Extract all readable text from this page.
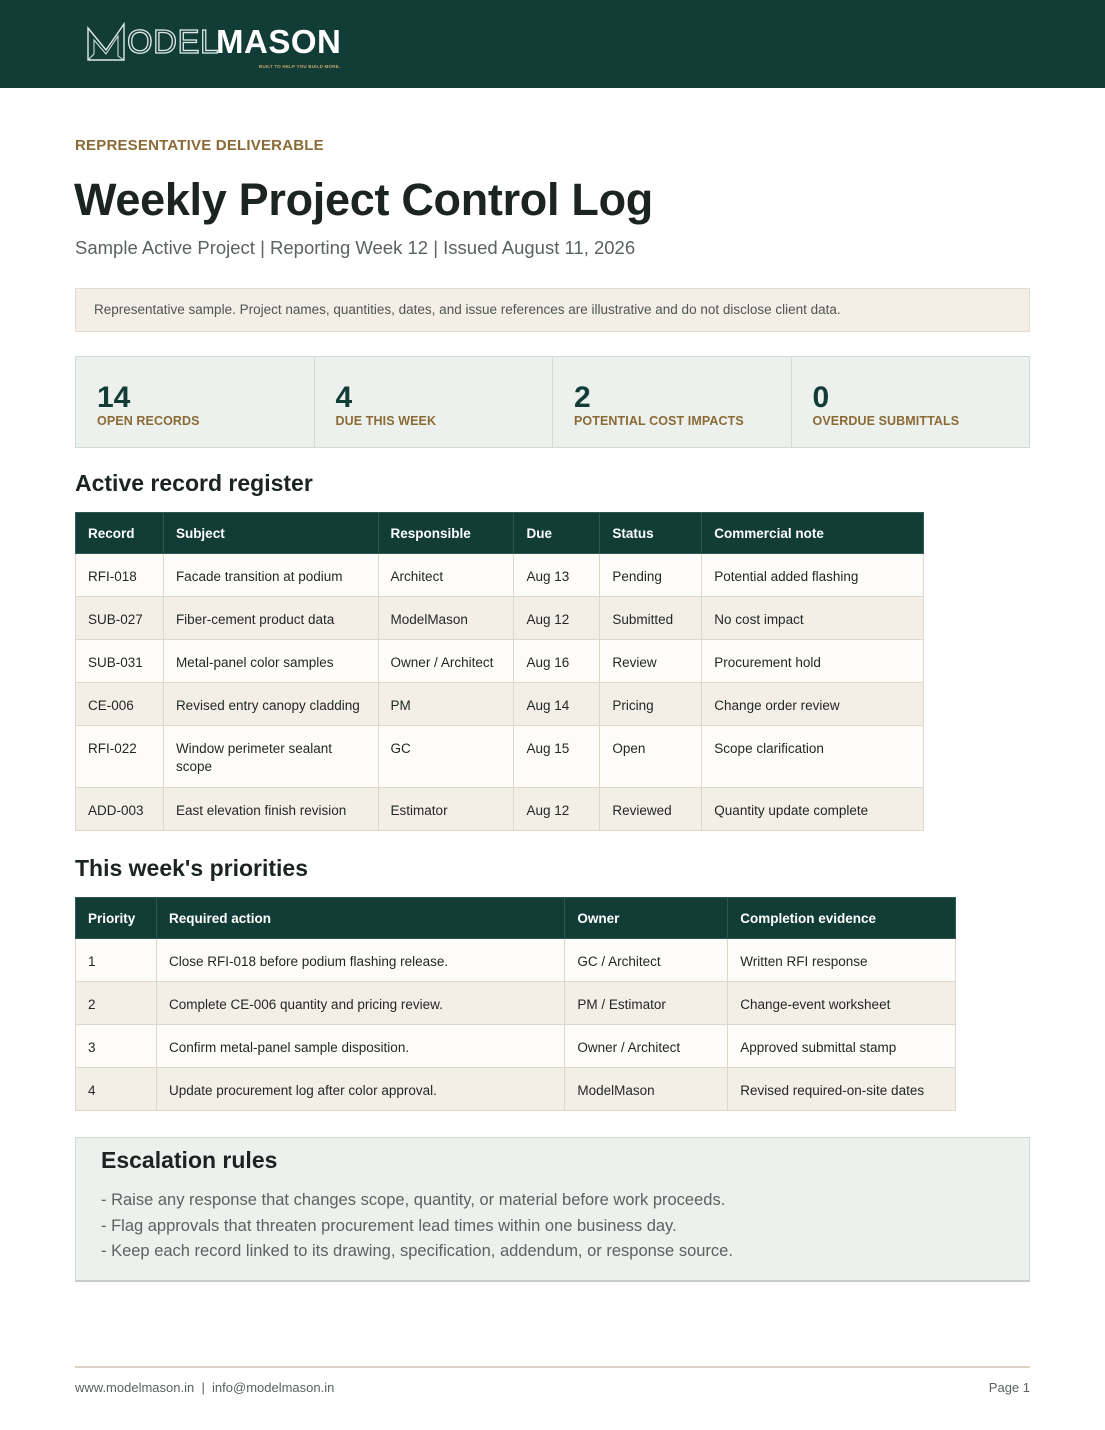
ODEL
MASON
BUILT TO HELP YOU BUILD MORE.
REPRESENTATIVE DELIVERABLE
Weekly Project Control Log
Sample Active Project | Reporting Week 12 | Issued August 11, 2026
Representative sample. Project names, quantities, dates, and issue references are illustrative and do not disclose client data.
14
OPEN RECORDS
4
DUE THIS WEEK
2
POTENTIAL COST IMPACTS
0
OVERDUE SUBMITTALS
Active record register
Record	Subject	Responsible	Due	Status	Commercial note
RFI-018	Facade transition at podium	Architect	Aug 13	Pending	Potential added flashing
SUB-027	Fiber-cement product data	ModelMason	Aug 12	Submitted	No cost impact
SUB-031	Metal-panel color samples	Owner / Architect	Aug 16	Review	Procurement hold
CE-006	Revised entry canopy cladding	PM	Aug 14	Pricing	Change order review
RFI-022	Window perimeter sealant scope	GC	Aug 15	Open	Scope clarification
ADD-003	East elevation finish revision	Estimator	Aug 12	Reviewed	Quantity update complete
This week's priorities
Priority	Required action	Owner	Completion evidence
1	Close RFI-018 before podium flashing release.	GC / Architect	Written RFI response
2	Complete CE-006 quantity and pricing review.	PM / Estimator	Change-event worksheet
3	Confirm metal-panel sample disposition.	Owner / Architect	Approved submittal stamp
4	Update procurement log after color approval.	ModelMason	Revised required-on-site dates
Escalation rules
- Raise any response that changes scope, quantity, or material before work proceeds.
- Flag approvals that threaten procurement lead times within one business day.
- Keep each record linked to its drawing, specification, addendum, or response source.
www.modelmason.in  |  info@modelmason.in	Page 1
